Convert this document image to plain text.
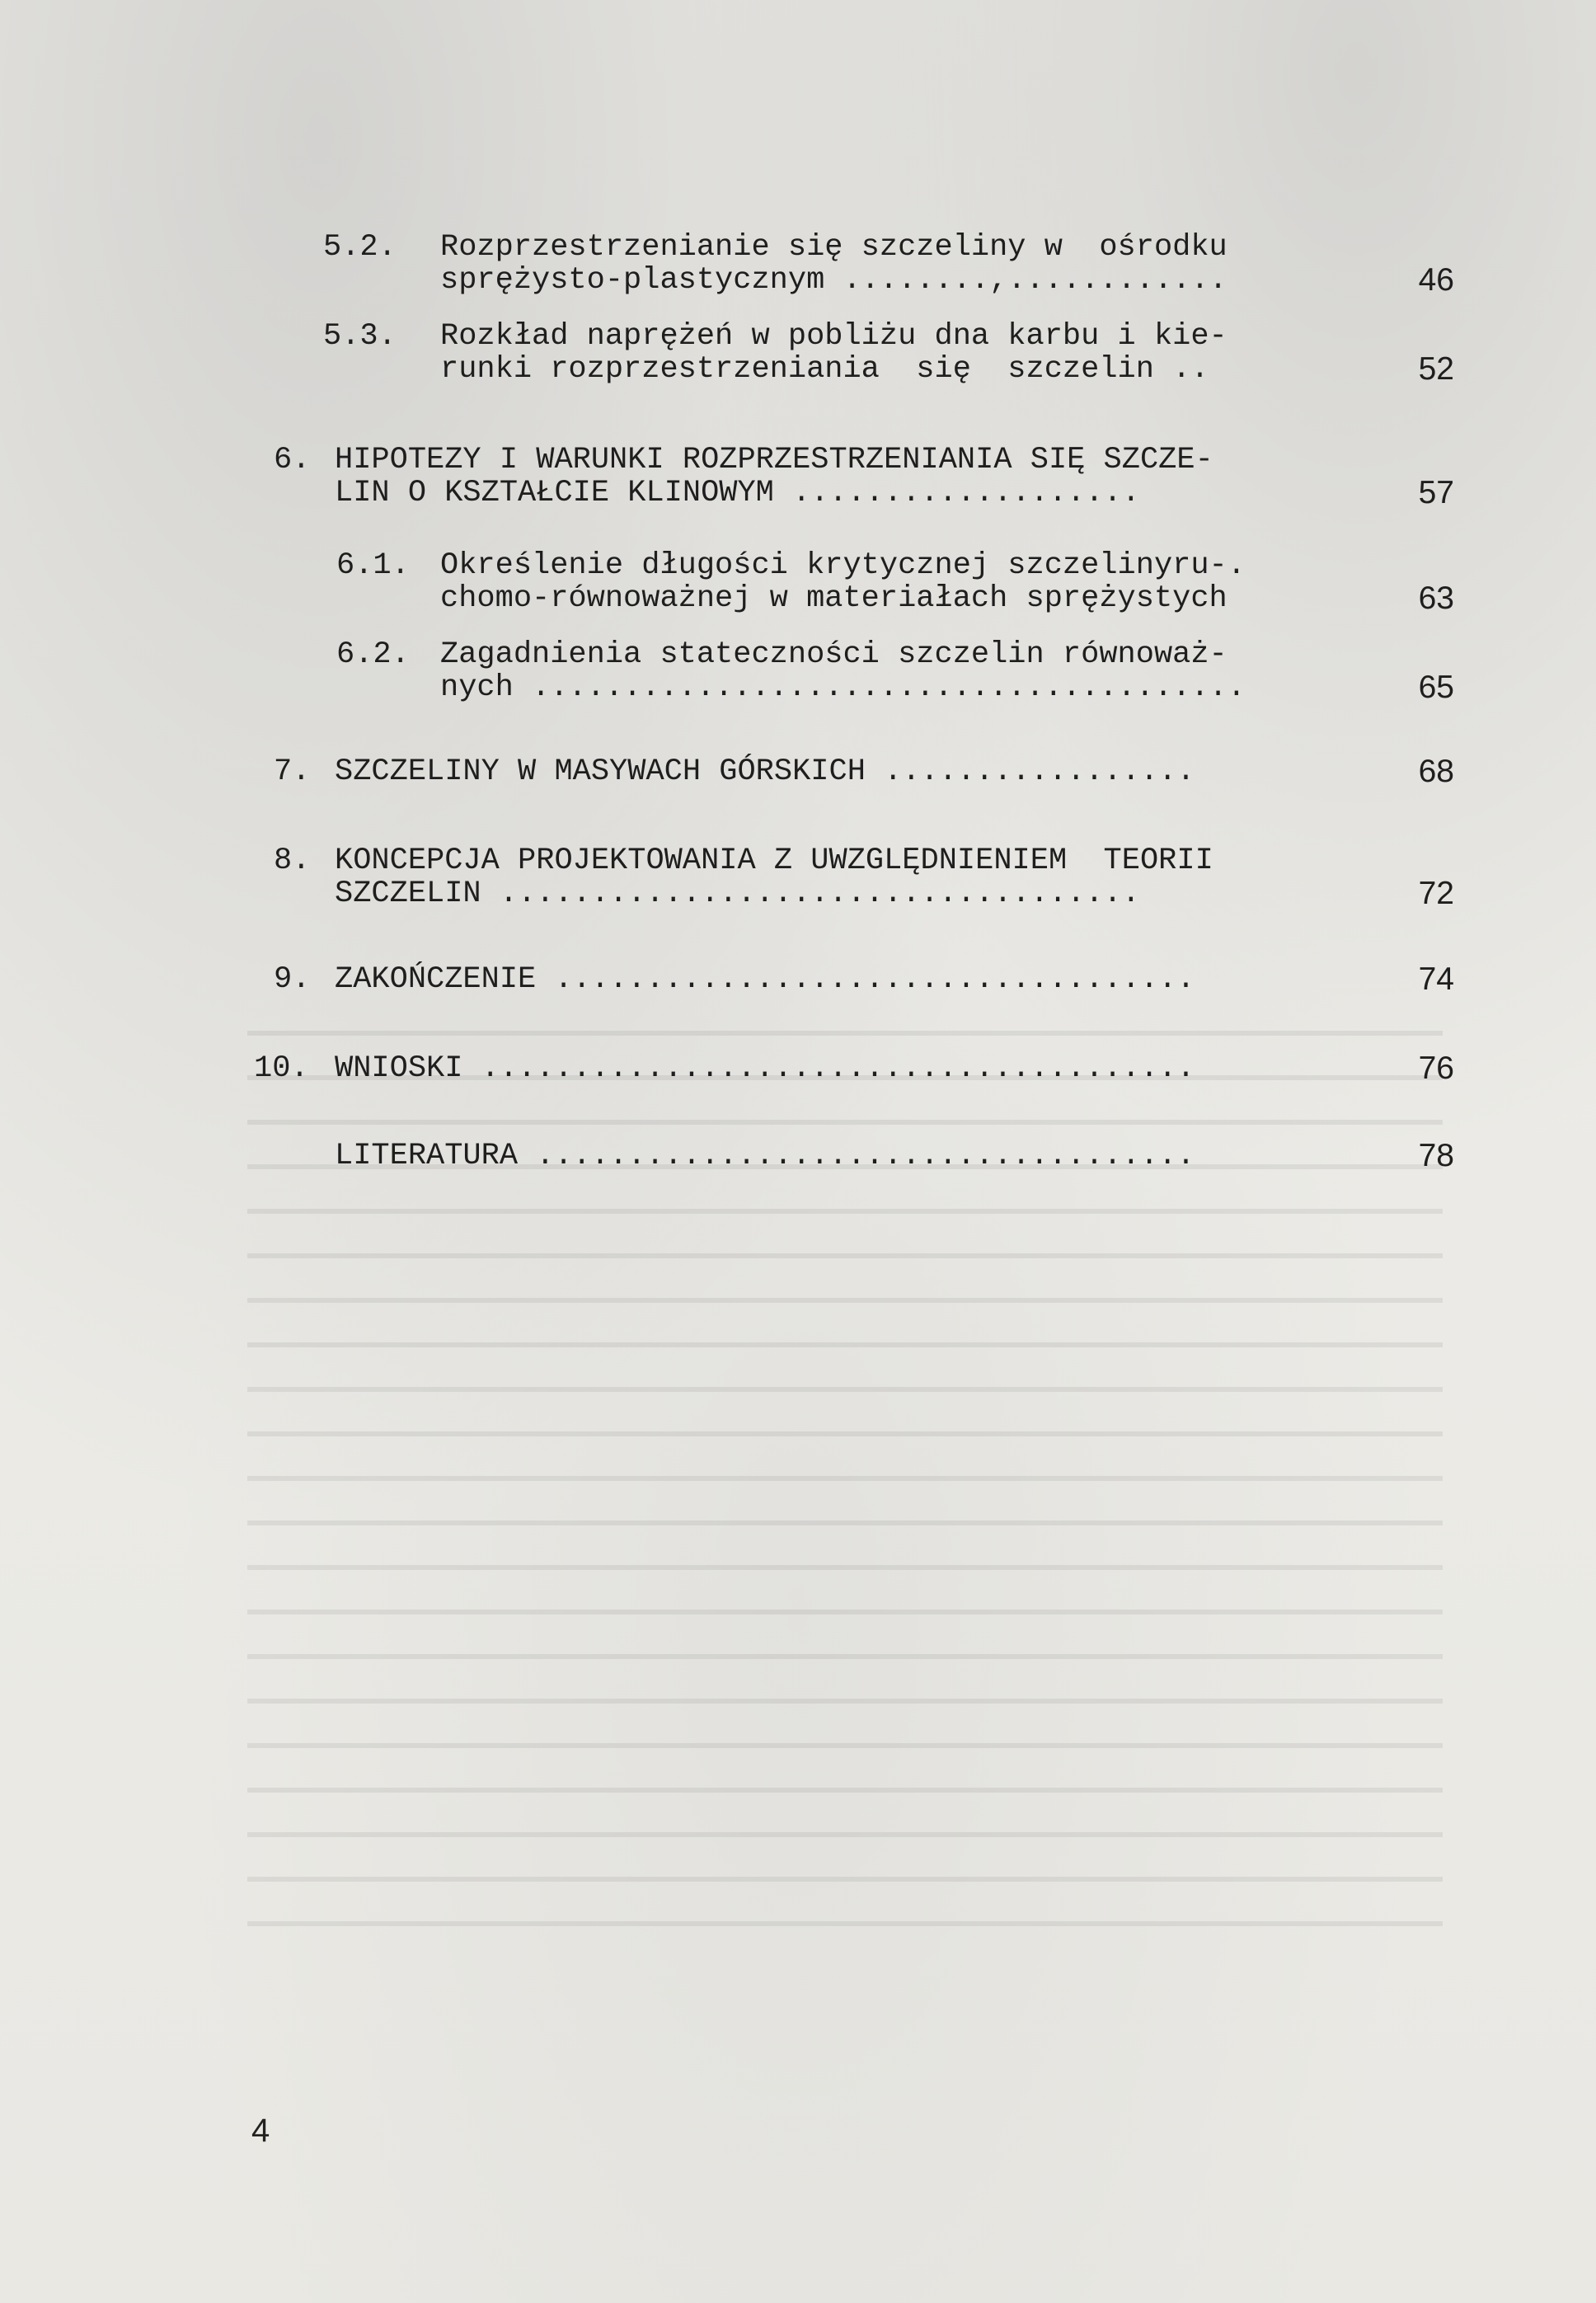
5.2. Rozprzestrzenianie się szczeliny w  ośrodku
sprężysto-plastycznym ........,............	46
5.3. Rozkład naprężeń w pobliżu dna karbu i kie-
runki rozprzestrzeniania  się  szczelin ..	52
6. HIPOTEZY I WARUNKI ROZPRZESTRZENIANIA SIĘ SZCZE-
LIN O KSZTAŁCIE KLINOWYM ...................	57
6.1. Określenie długości krytycznej szczelinyru-.
chomo-równoważnej w materiałach sprężystych	63
6.2. Zagadnienia stateczności szczelin równoważ-
nych .......................................	65
7. SZCZELINY W MASYWACH GÓRSKICH .................	68
8. KONCEPCJA PROJEKTOWANIA Z UWZGLĘDNIENIEM  TEORII
SZCZELIN ...................................	72
9. ZAKOŃCZENIE ...................................	74
10. WNIOSKI .......................................	76
LITERATURA ....................................	78
4
